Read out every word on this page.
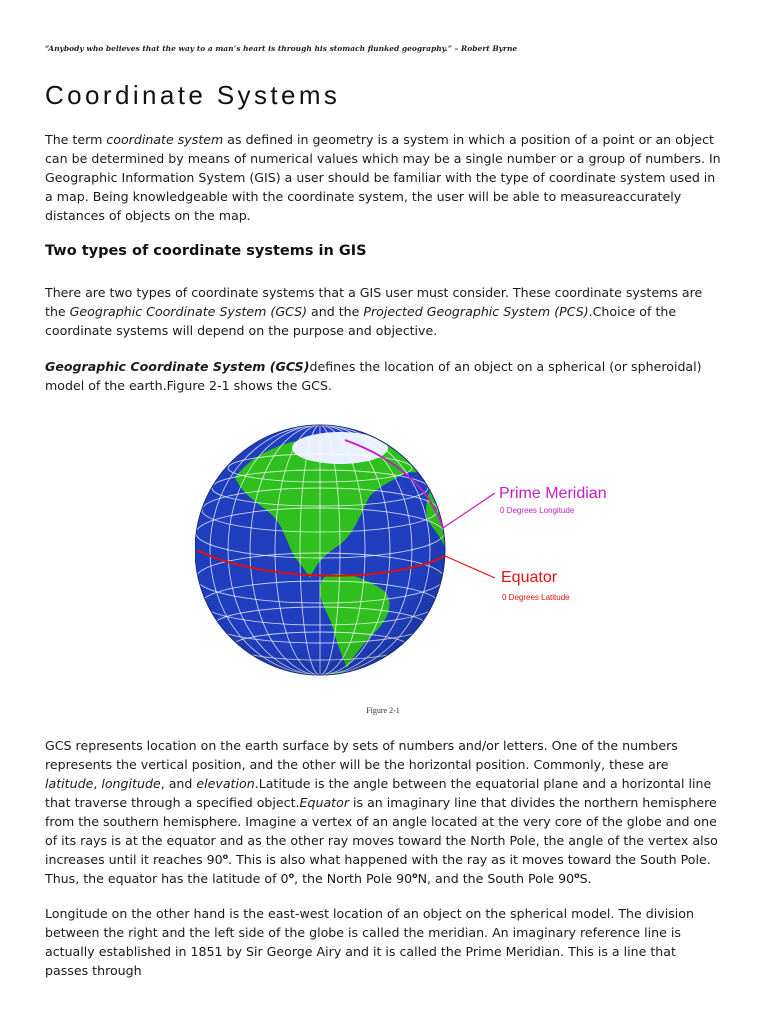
“Anybody who believes that the way to a man’s heart is through his stomach flunked geography.” – Robert Byrne
Coordinate Systems

The term coordinate system as defined in geometry is a system in which a position of a point or an object can be determined by means of numerical values which may be a single number or a group of numbers. In Geographic Information System (GIS) a user should be familiar with the type of coordinate system used in a map. Being knowledgeable with the coordinate system, the user will be able to measureaccurately distances of objects on the map.

Two types of coordinate systems in GIS

There are two types of coordinate systems that a GIS user must consider. These coordinate systems are the Geographic Coordinate System (GCS) and the Projected Geographic System (PCS).Choice of the coordinate systems will depend on the purpose and objective.

Geographic Coordinate System (GCS)defines the location of an object on a spherical (or spheroidal) model of the earth.Figure 2-1 shows the GCS.

Prime Meridian
0 Degrees Longitude
Equator
0 Degrees Latitude
Figure 2-1

GCS represents location on the earth surface by sets of numbers and/or letters. One of the numbers represents the vertical position, and the other will be the horizontal position. Commonly, these are latitude, longitude, and elevation.Latitude is the angle between the equatorial plane and a horizontal line that traverse through a specified object.Equator is an imaginary line that divides the northern hemisphere from the southern hemisphere. Imagine a vertex of an angle located at the very core of the globe and one of its rays is at the equator and as the other ray moves toward the North Pole, the angle of the vertex also increases until it reaches 90$^o$. This is also what happened with the ray as it moves toward the South Pole. Thus, the equator has the latitude of 0$^o$, the North Pole 90$^o$N, and the South Pole 90$^o$S.

Longitude on the other hand is the east-west location of an object on the spherical model. The division between the right and the left side of the globe is called the meridian. An imaginary reference line is actually established in 1851 by Sir George Airy and it is called the Prime Meridian. This is a line that passes through
